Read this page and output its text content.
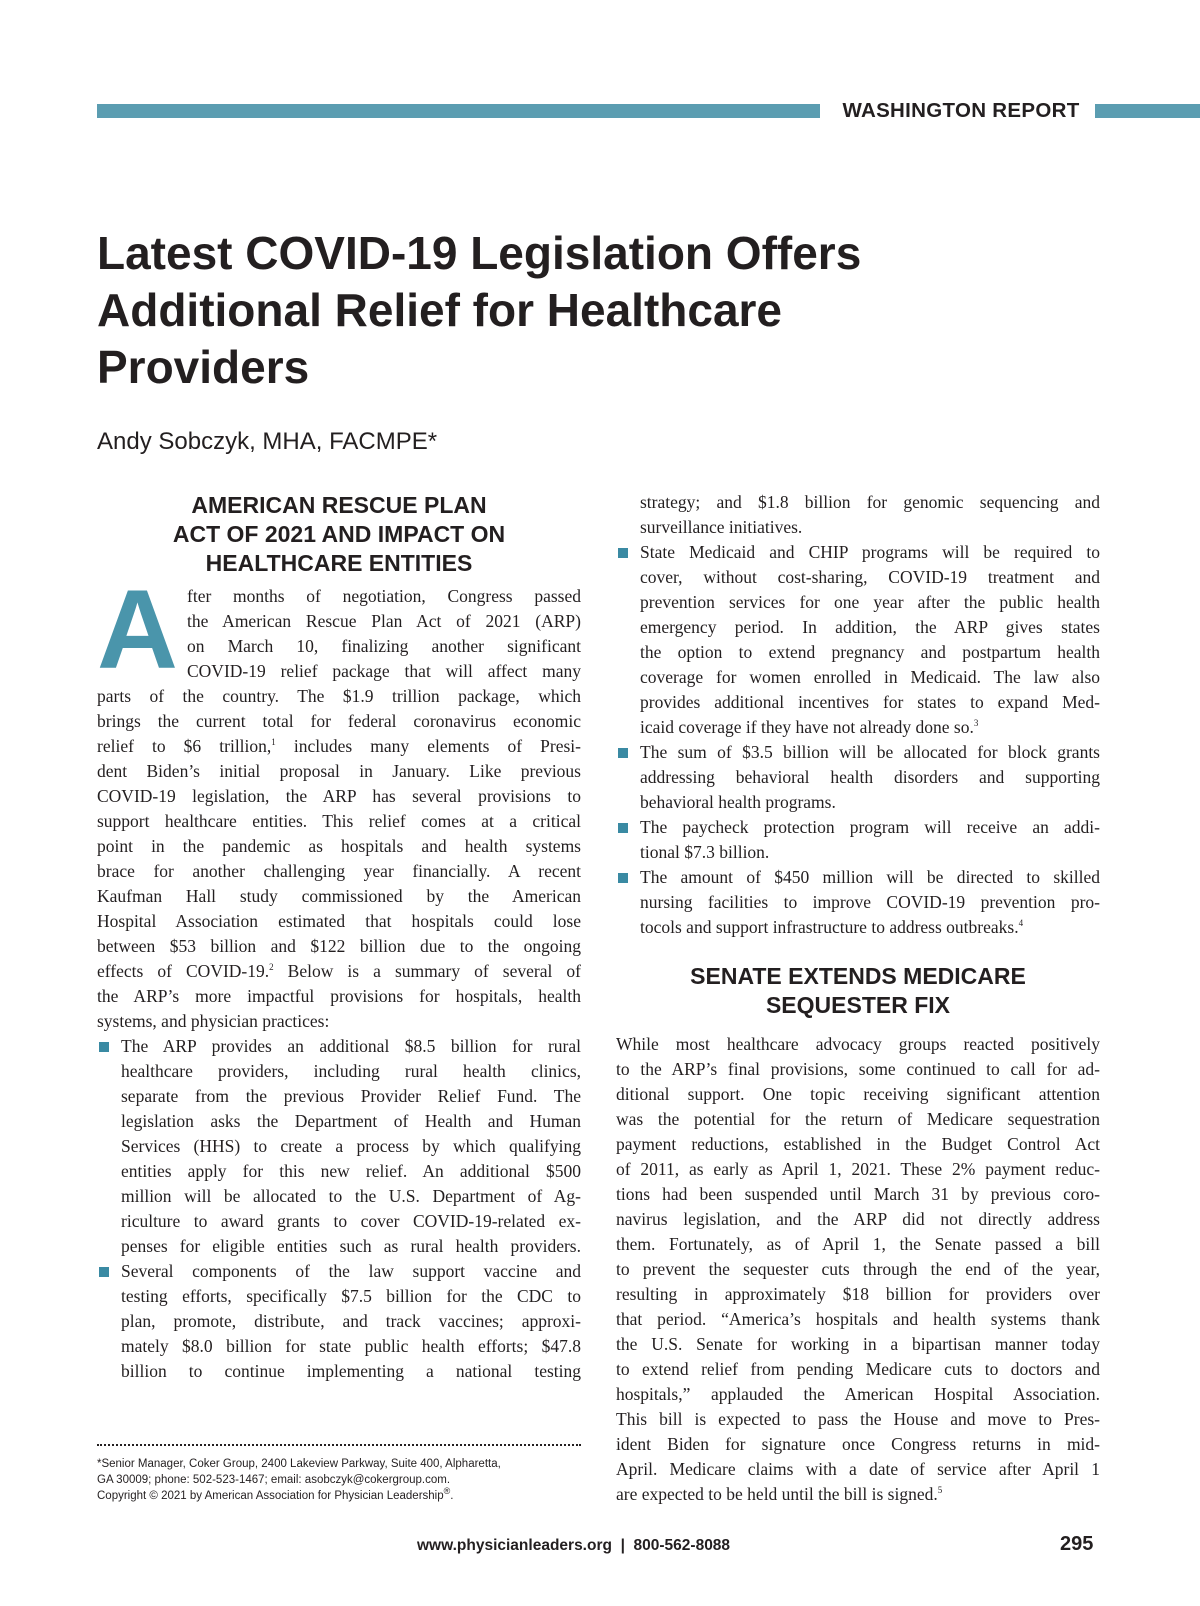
WASHINGTON REPORT
Latest COVID-19 Legislation Offers
Additional Relief for Healthcare
Providers
Andy Sobczyk, MHA, FACMPE*
AMERICAN RESCUE PLAN
ACT OF 2021 AND IMPACT ON
HEALTHCARE ENTITIES
A fter months of negotiation, Congress passed
the American Rescue Plan Act of 2021 (ARP)
on March 10, finalizing another significant
COVID-19 relief package that will affect many
parts of the country. The $1.9 trillion package, which
brings the current total for federal coronavirus economic
relief to $6 trillion,$^1$ includes many elements of Presi-
dent Biden’s initial proposal in January. Like previous
COVID-19 legislation, the ARP has several provisions to
support healthcare entities. This relief comes at a critical
point in the pandemic as hospitals and health systems
brace for another challenging year financially. A recent
Kaufman Hall study commissioned by the American
Hospital Association estimated that hospitals could lose
between $53 billion and $122 billion due to the ongoing
effects of COVID-19.$^2$ Below is a summary of several of
the ARP’s more impactful provisions for hospitals, health
systems, and physician practices:
The ARP provides an additional $8.5 billion for rural
healthcare providers, including rural health clinics,
separate from the previous Provider Relief Fund. The
legislation asks the Department of Health and Human
Services (HHS) to create a process by which qualifying
entities apply for this new relief. An additional $500
million will be allocated to the U.S. Department of Ag-
riculture to award grants to cover COVID-19-related ex-
penses for eligible entities such as rural health providers.
Several components of the law support vaccine and
testing efforts, specifically $7.5 billion for the CDC to
plan, promote, distribute, and track vaccines; approxi-
mately $8.0 billion for state public health efforts; $47.8
billion to continue implementing a national testing
strategy; and $1.8 billion for genomic sequencing and
surveillance initiatives.
State Medicaid and CHIP programs will be required to
cover, without cost-sharing, COVID-19 treatment and
prevention services for one year after the public health
emergency period. In addition, the ARP gives states
the option to extend pregnancy and postpartum health
coverage for women enrolled in Medicaid. The law also
provides additional incentives for states to expand Med-
icaid coverage if they have not already done so.$^3$
The sum of $3.5 billion will be allocated for block grants
addressing behavioral health disorders and supporting
behavioral health programs.
The paycheck protection program will receive an addi-
tional $7.3 billion.
The amount of $450 million will be directed to skilled
nursing facilities to improve COVID-19 prevention pro-
tocols and support infrastructure to address outbreaks.$^4$
SENATE EXTENDS MEDICARE
SEQUESTER FIX
While most healthcare advocacy groups reacted positively
to the ARP’s final provisions, some continued to call for ad-
ditional support. One topic receiving significant attention
was the potential for the return of Medicare sequestration
payment reductions, established in the Budget Control Act
of 2011, as early as April 1, 2021. These 2% payment reduc-
tions had been suspended until March 31 by previous coro-
navirus legislation, and the ARP did not directly address
them. Fortunately, as of April 1, the Senate passed a bill
to prevent the sequester cuts through the end of the year,
resulting in approximately $18 billion for providers over
that period. “America’s hospitals and health systems thank
the U.S. Senate for working in a bipartisan manner today
to extend relief from pending Medicare cuts to doctors and
hospitals,” applauded the American Hospital Association.
This bill is expected to pass the House and move to Pres-
ident Biden for signature once Congress returns in mid-
April. Medicare claims with a date of service after April 1
are expected to be held until the bill is signed.$^5$
*Senior Manager, Coker Group, 2400 Lakeview Parkway, Suite 400, Alpharetta,
GA 30009; phone: 502-523-1467; email: asobczyk@cokergroup.com.
Copyright © 2021 by American Association for Physician Leadership®.
www.physicianleaders.org  |  800-562-8088	295
